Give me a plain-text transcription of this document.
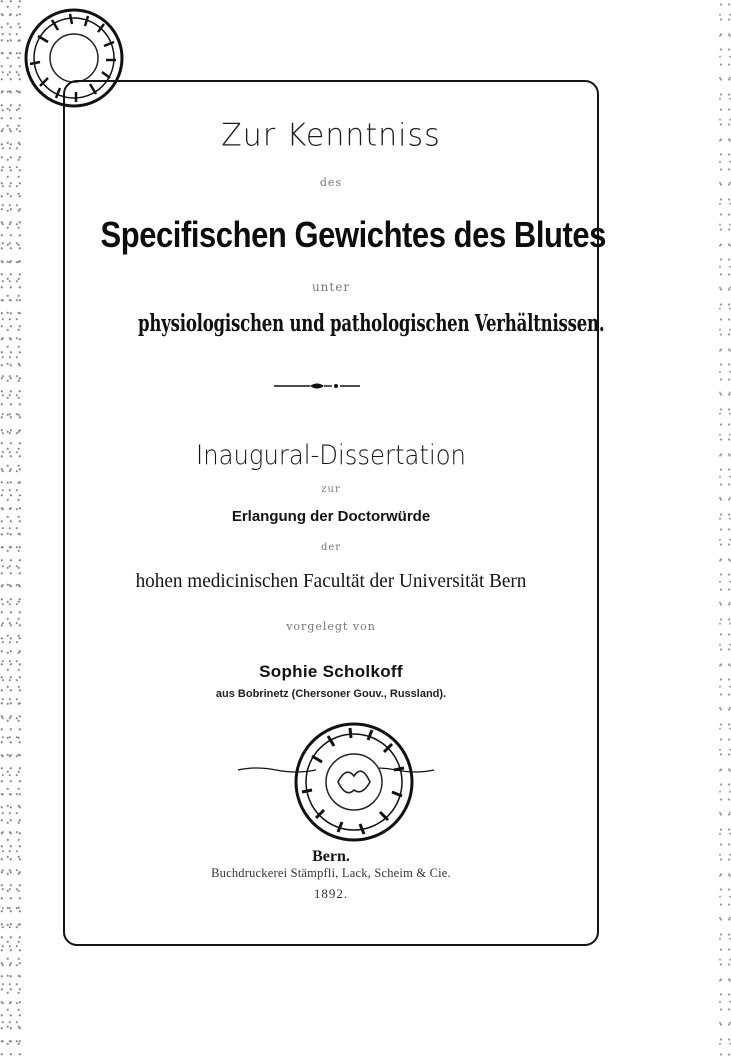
Zur Kenntniss
des
Specifischen Gewichtes des Blutes
unter
physiologischen und pathologischen Verhältnissen.
Inaugural-Dissertation
zur
Erlangung der Doctorwürde
der
hohen medicinischen Facultät der Universität Bern
vorgelegt von
Sophie Scholkoff
aus Bobrinetz (Chersoner Gouv., Russland).
Bern.
Buchdruckerei Stämpfli, Lack, Scheim & Cie.
1892.
